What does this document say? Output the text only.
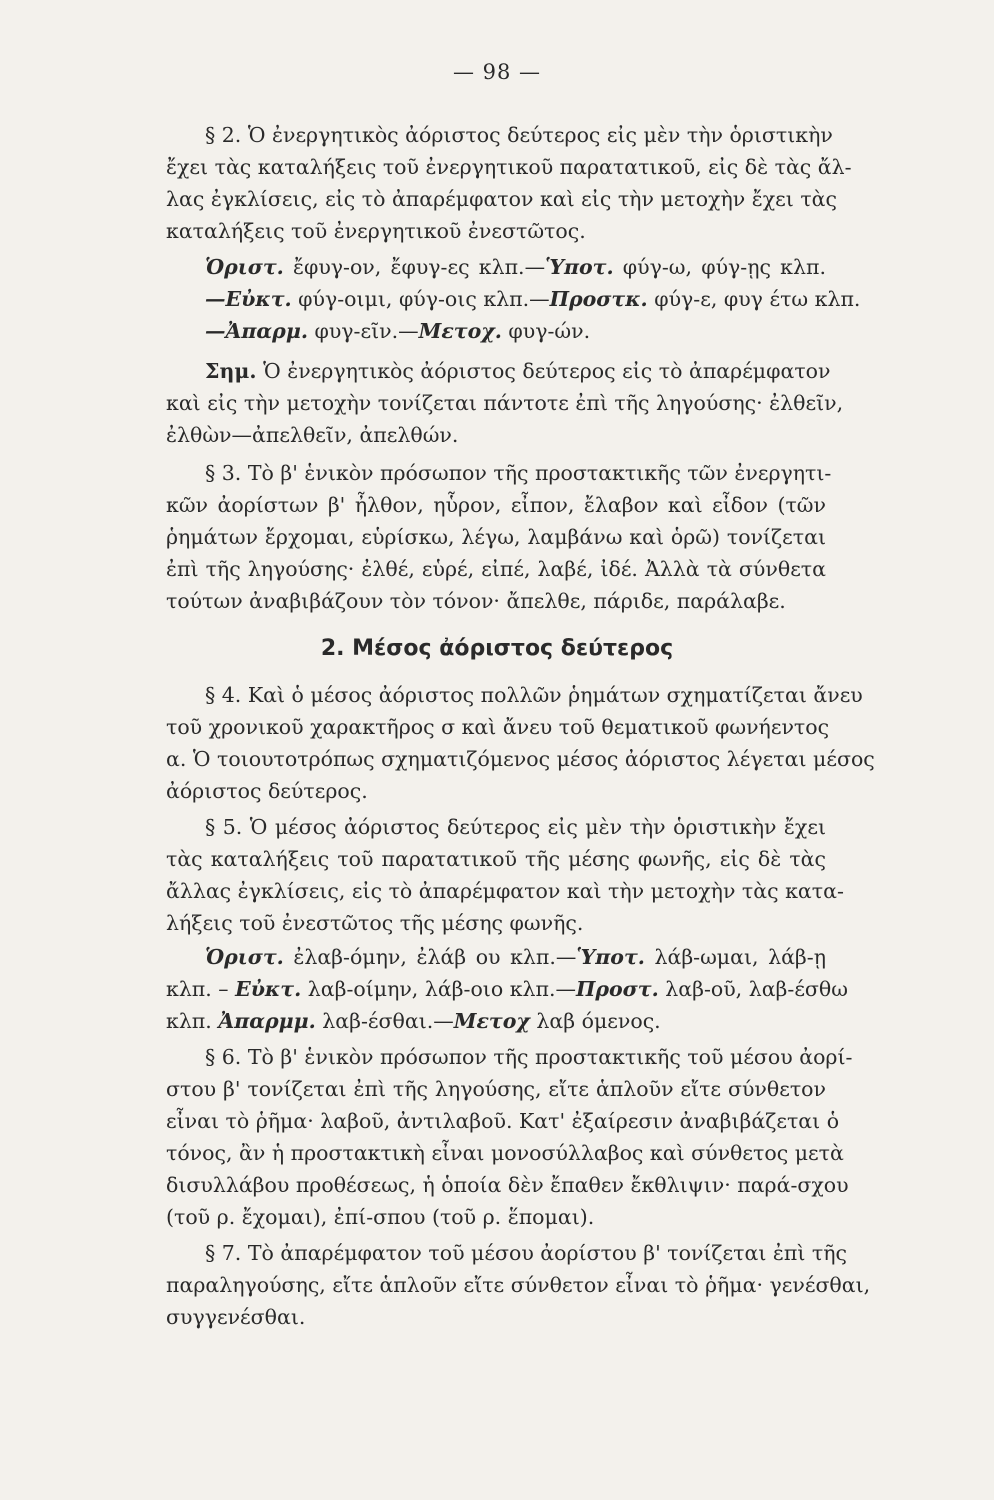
— 98 —
§ 2. Ὁ ἐνεργητικὸς ἀόριστος δεύτερος εἰς μὲν τὴν ὁριστικὴν
ἔχει τὰς καταλήξεις τοῦ ἐνεργητικοῦ παρατατικοῦ, εἰς δὲ τὰς ἄλ-
λας ἐγκλίσεις, εἰς τὸ ἀπαρέμφατον καὶ εἰς τὴν μετοχὴν ἔχει τὰς
καταλήξεις τοῦ ἐνεργητικοῦ ἐνεστῶτος.
Ὁριστ. ἔφυγ-ον, ἔφυγ-ες κλπ.—Ὑποτ. φύγ-ω, φύγ-ῃς κλπ.
—Εὐκτ. φύγ-οιμι, φύγ-οις κλπ.—Προστκ. φύγ-ε, φυγ έτω κλπ.
—Ἀπαρμ. φυγ-εῖν.—Μετοχ. φυγ-ών.
Σημ. Ὁ ἐνεργητικὸς ἀόριστος δεύτερος εἰς τὸ ἀπαρέμφατον
καὶ εἰς τὴν μετοχὴν τονίζεται πάντοτε ἐπὶ τῆς ληγούσης· ἐλθεῖν,
ἐλθὼν—ἀπελθεῖν, ἀπελθών.
§ 3. Τὸ β' ἑνικὸν πρόσωπον τῆς προστακτικῆς τῶν ἐνεργητι-
κῶν ἀορίστων β' ἦλθον, ηὗρον, εἶπον, ἔλαβον καὶ εἶδον (τῶν
ῥημάτων ἔρχομαι, εὑρίσκω, λέγω, λαμβάνω καὶ ὁρῶ) τονίζεται
ἐπὶ τῆς ληγούσης· ἐλθέ, εὑρέ, εἰπέ, λαβέ, ἰδέ. Ἀλλὰ τὰ σύνθετα
τούτων ἀναβιβάζουν τὸν τόνον· ἄπελθε, πάριδε, παράλαβε.
2. Μέσος ἀόριστος δεύτερος
§ 4. Καὶ ὁ μέσος ἀόριστος πολλῶν ῥημάτων σχηματίζεται ἄνευ
τοῦ χρονικοῦ χαρακτῆρος σ καὶ ἄνευ τοῦ θεματικοῦ φωνήεντος
α. Ὁ τοιουτοτρόπως σχηματιζόμενος μέσος ἀόριστος λέγεται μέσος
ἀόριστος δεύτερος.
§ 5. Ὁ μέσος ἀόριστος δεύτερος εἰς μὲν τὴν ὁριστικὴν ἔχει
τὰς καταλήξεις τοῦ παρατατικοῦ τῆς μέσης φωνῆς, εἰς δὲ τὰς
ἄλλας ἐγκλίσεις, εἰς τὸ ἀπαρέμφατον καὶ τὴν μετοχὴν τὰς κατα-
λήξεις τοῦ ἐνεστῶτος τῆς μέσης φωνῆς.
Ὁριστ. ἐλαβ-όμην, ἐλάβ ου κλπ.—Ὑποτ. λάβ-ωμαι, λάβ-ῃ
κλπ. – Εὐκτ. λαβ-οίμην, λάβ-οιο κλπ.—Προστ. λαβ-οῦ, λαβ-έσθω
κλπ. Ἀπαρμμ. λαβ-έσθαι.—Μετοχ λαβ όμενος.
§ 6. Τὸ β' ἑνικὸν πρόσωπον τῆς προστακτικῆς τοῦ μέσου ἀορί-
στου β' τονίζεται ἐπὶ τῆς ληγούσης, εἴτε ἁπλοῦν εἴτε σύνθετον
εἶναι τὸ ῥῆμα· λαβοῦ, ἀντιλαβοῦ. Κατ' ἐξαίρεσιν ἀναβιβάζεται ὁ
τόνος, ἂν ἡ προστακτικὴ εἶναι μονοσύλλαβος καὶ σύνθετος μετὰ
δισυλλάβου προθέσεως, ἡ ὁποία δὲν ἔπαθεν ἔκθλιψιν· παρά-σχου
(τοῦ ρ. ἔχομαι), ἐπί-σπου (τοῦ ρ. ἕπομαι).
§ 7. Τὸ ἀπαρέμφατον τοῦ μέσου ἀορίστου β' τονίζεται ἐπὶ τῆς
παραληγούσης, εἴτε ἁπλοῦν εἴτε σύνθετον εἶναι τὸ ῥῆμα· γενέσθαι,
συγγενέσθαι.
